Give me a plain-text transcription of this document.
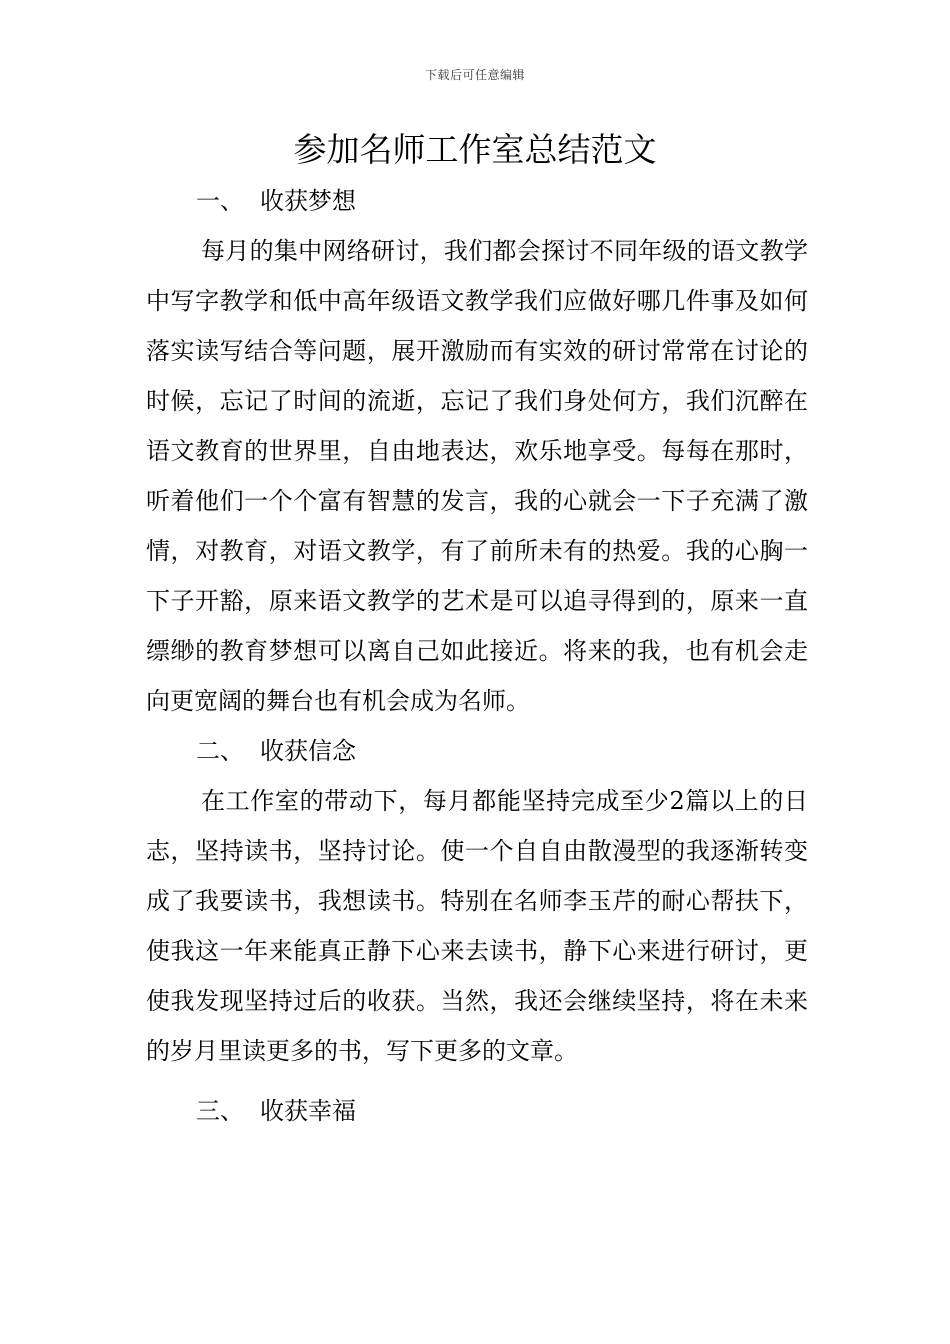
下载后可任意编辑
参加名师工作室总结范文
一、 收获梦想

每月的集中网络研讨，我们都会探讨不同年级的语文教学中写字教学和低中高年级语文教学我们应做好哪几件事及如何落实读写结合等问题，展开激励而有实效的研讨常常在讨论的时候，忘记了时间的流逝，忘记了我们身处何方，我们沉醉在语文教育的世界里，自由地表达，欢乐地享受。每每在那时，听着他们一个个富有智慧的发言，我的心就会一下子充满了激情，对教育，对语文教学，有了前所未有的热爱。我的心胸一下子开豁，原来语文教学的艺术是可以追寻得到的，原来一直缥缈的教育梦想可以离自己如此接近。将来的我，也有机会走向更宽阔的舞台也有机会成为名师。

二、 收获信念

在工作室的带动下，每月都能坚持完成至少2篇以上的日志，坚持读书，坚持讨论。使一个自自由散漫型的我逐渐转变成了我要读书，我想读书。特别在名师李玉芹的耐心帮扶下，使我这一年来能真正静下心来去读书，静下心来进行研讨，更使我发现坚持过后的收获。当然，我还会继续坚持，将在未来的岁月里读更多的书，写下更多的文章。

三、 收获幸福
